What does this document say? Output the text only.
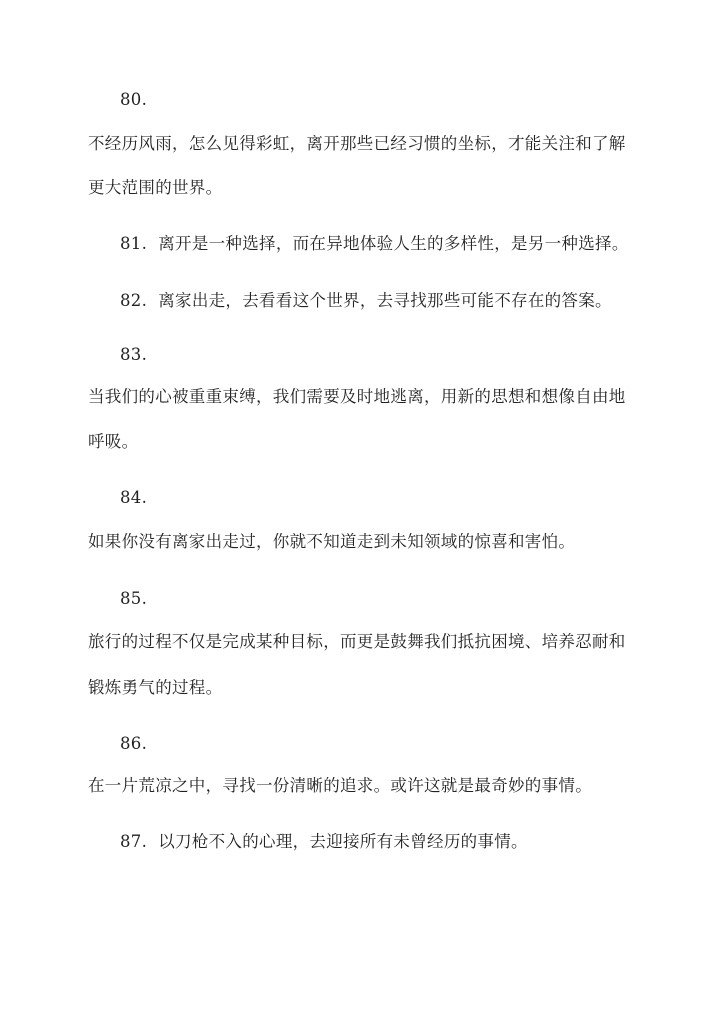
80.
不经历风雨，怎么见得彩虹，离开那些已经习惯的坐标，才能关注和了解
更大范围的世界。
81. 离开是一种选择，而在异地体验人生的多样性，是另一种选择。
82. 离家出走，去看看这个世界，去寻找那些可能不存在的答案。
83.
当我们的心被重重束缚，我们需要及时地逃离，用新的思想和想像自由地
呼吸。
84.
如果你没有离家出走过，你就不知道走到未知领域的惊喜和害怕。
85.
旅行的过程不仅是完成某种目标，而更是鼓舞我们抵抗困境、培养忍耐和
锻炼勇气的过程。
86.
在一片荒凉之中，寻找一份清晰的追求。或许这就是最奇妙的事情。
87. 以刀枪不入的心理，去迎接所有未曾经历的事情。
